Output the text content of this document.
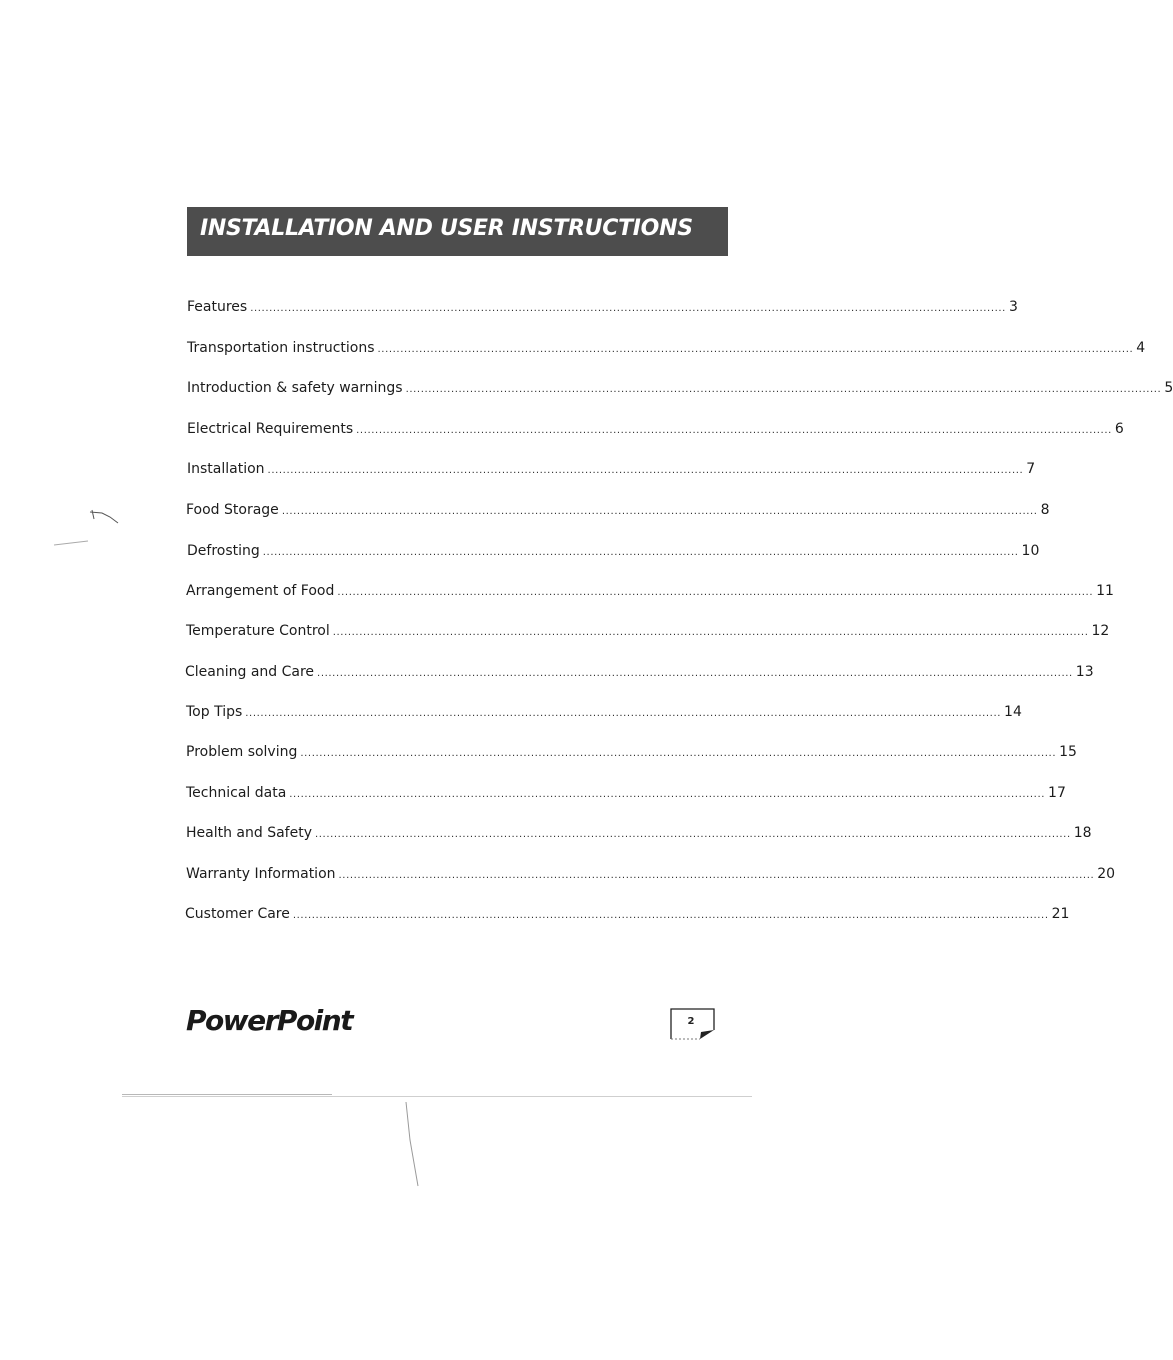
INSTALLATION AND USER INSTRUCTIONS
Features ........................................................................................................................................................................................................ 3
Transportation instructions ........................................................................................................................................................................................................ 4
Introduction & safety warnings ........................................................................................................................................................................................................ 5
Electrical Requirements ........................................................................................................................................................................................................ 6
Installation ........................................................................................................................................................................................................ 7
Food Storage ........................................................................................................................................................................................................ 8
Defrosting ........................................................................................................................................................................................................ 10
Arrangement of Food ........................................................................................................................................................................................................ 11
Temperature Control ........................................................................................................................................................................................................ 12
Cleaning and Care ........................................................................................................................................................................................................ 13
Top Tips ........................................................................................................................................................................................................ 14
Problem solving ........................................................................................................................................................................................................ 15
Technical data ........................................................................................................................................................................................................ 17
Health and Safety ........................................................................................................................................................................................................ 18
Warranty Information ........................................................................................................................................................................................................ 20
Customer Care ........................................................................................................................................................................................................ 21
PowerPoint	2
